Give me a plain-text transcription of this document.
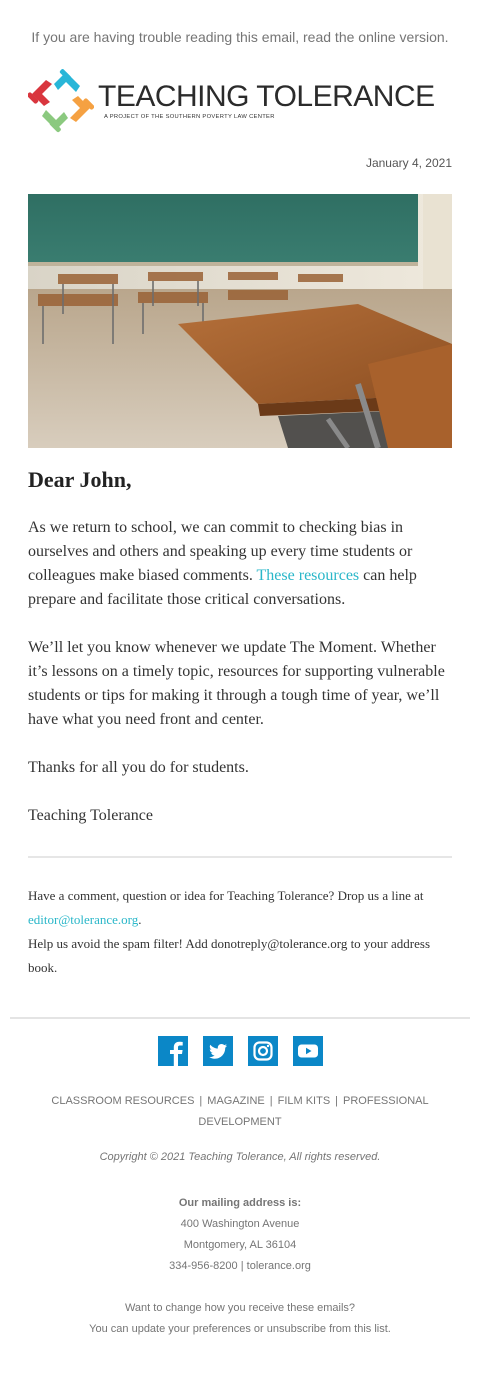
If you are having trouble reading this email, read the online version.
TEACHING TOLERANCE
A PROJECT OF THE SOUTHERN POVERTY LAW CENTER
January 4, 2021
Dear John,

As we return to school, we can commit to checking bias in ourselves and others and speaking up every time students or colleagues make biased comments. These resources can help prepare and facilitate those critical conversations.

We’ll let you know whenever we update The Moment. Whether it’s lessons on a timely topic, resources for supporting vulnerable students or tips for making it through a tough time of year, we’ll have what you need front and center.

Thanks for all you do for students.

Teaching Tolerance

Have a comment, question or idea for Teaching Tolerance? Drop us a line at editor@tolerance.org.
Help us avoid the spam filter! Add donotreply@tolerance.org to your address book.
CLASSROOM RESOURCES | MAGAZINE | FILM KITS | PROFESSIONAL DEVELOPMENT
Copyright © 2021 Teaching Tolerance, All rights reserved.
Our mailing address is:
400 Washington Avenue
Montgomery, AL 36104
334-956-8200 | tolerance.org
Want to change how you receive these emails?
You can update your preferences or unsubscribe from this list.
